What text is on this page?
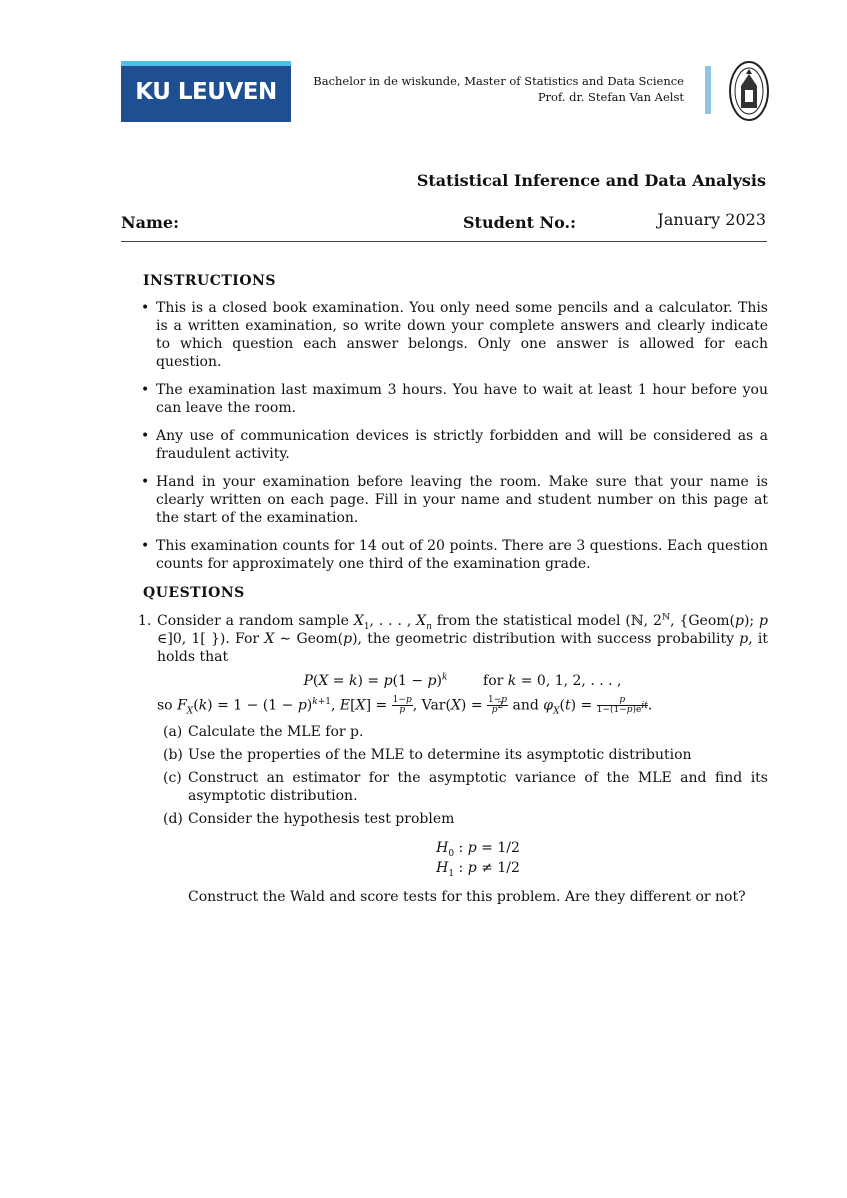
KU LEUVEN	Bachelor in de wiskunde, Master of Statistics and Data Science
Prof. dr. Stefan Van Aelst
Statistical Inference and Data Analysis
Name:	Student No.:	January 2023
INSTRUCTIONS
• This is a closed book examination. You only need some pencils and a calculator. This is a written examination, so write down your complete answers and clearly indicate to which question each answer belongs. Only one answer is allowed for each question.
• The examination last maximum 3 hours. You have to wait at least 1 hour before you can leave the room.
• Any use of communication devices is strictly forbidden and will be considered as a fraudulent activity.
• Hand in your examination before leaving the room. Make sure that your name is clearly written on each page. Fill in your name and student number on this page at the start of the examination.
• This examination counts for 14 out of 20 points. There are 3 questions. Each question counts for approximately one third of the examination grade.
QUESTIONS
1. Consider a random sample $X_1$, . . . , $X_n$ from the statistical model (ℕ, $2^ℕ$, {Geom(p); p ∈]0, 1[ }). For X ∼ Geom(p), the geometric distribution with success probability p, it holds that
$P(X = k) = p(1 - p)^k$        for k = 0, 1, 2, . . . ,
so $F_X(k) = 1 - (1 - p)^{k+1}$, $E[X] = \frac{1-p}{p}$ , $Var(X) = \frac{1-p}{p^2}$ and $\varphi_X(t) = \frac{p}{1-(1-p)e^{it}}$ .
(a) Calculate the MLE for p.
(b) Use the properties of the MLE to determine its asymptotic distribution
(c) Construct an estimator for the asymptotic variance of the MLE and find its asymptotic distribution.
(d) Consider the hypothesis test problem
$H_0$ : p = 1/2
$H_1$ : p ≠ 1/2
Construct the Wald and score tests for this problem. Are they different or not?
